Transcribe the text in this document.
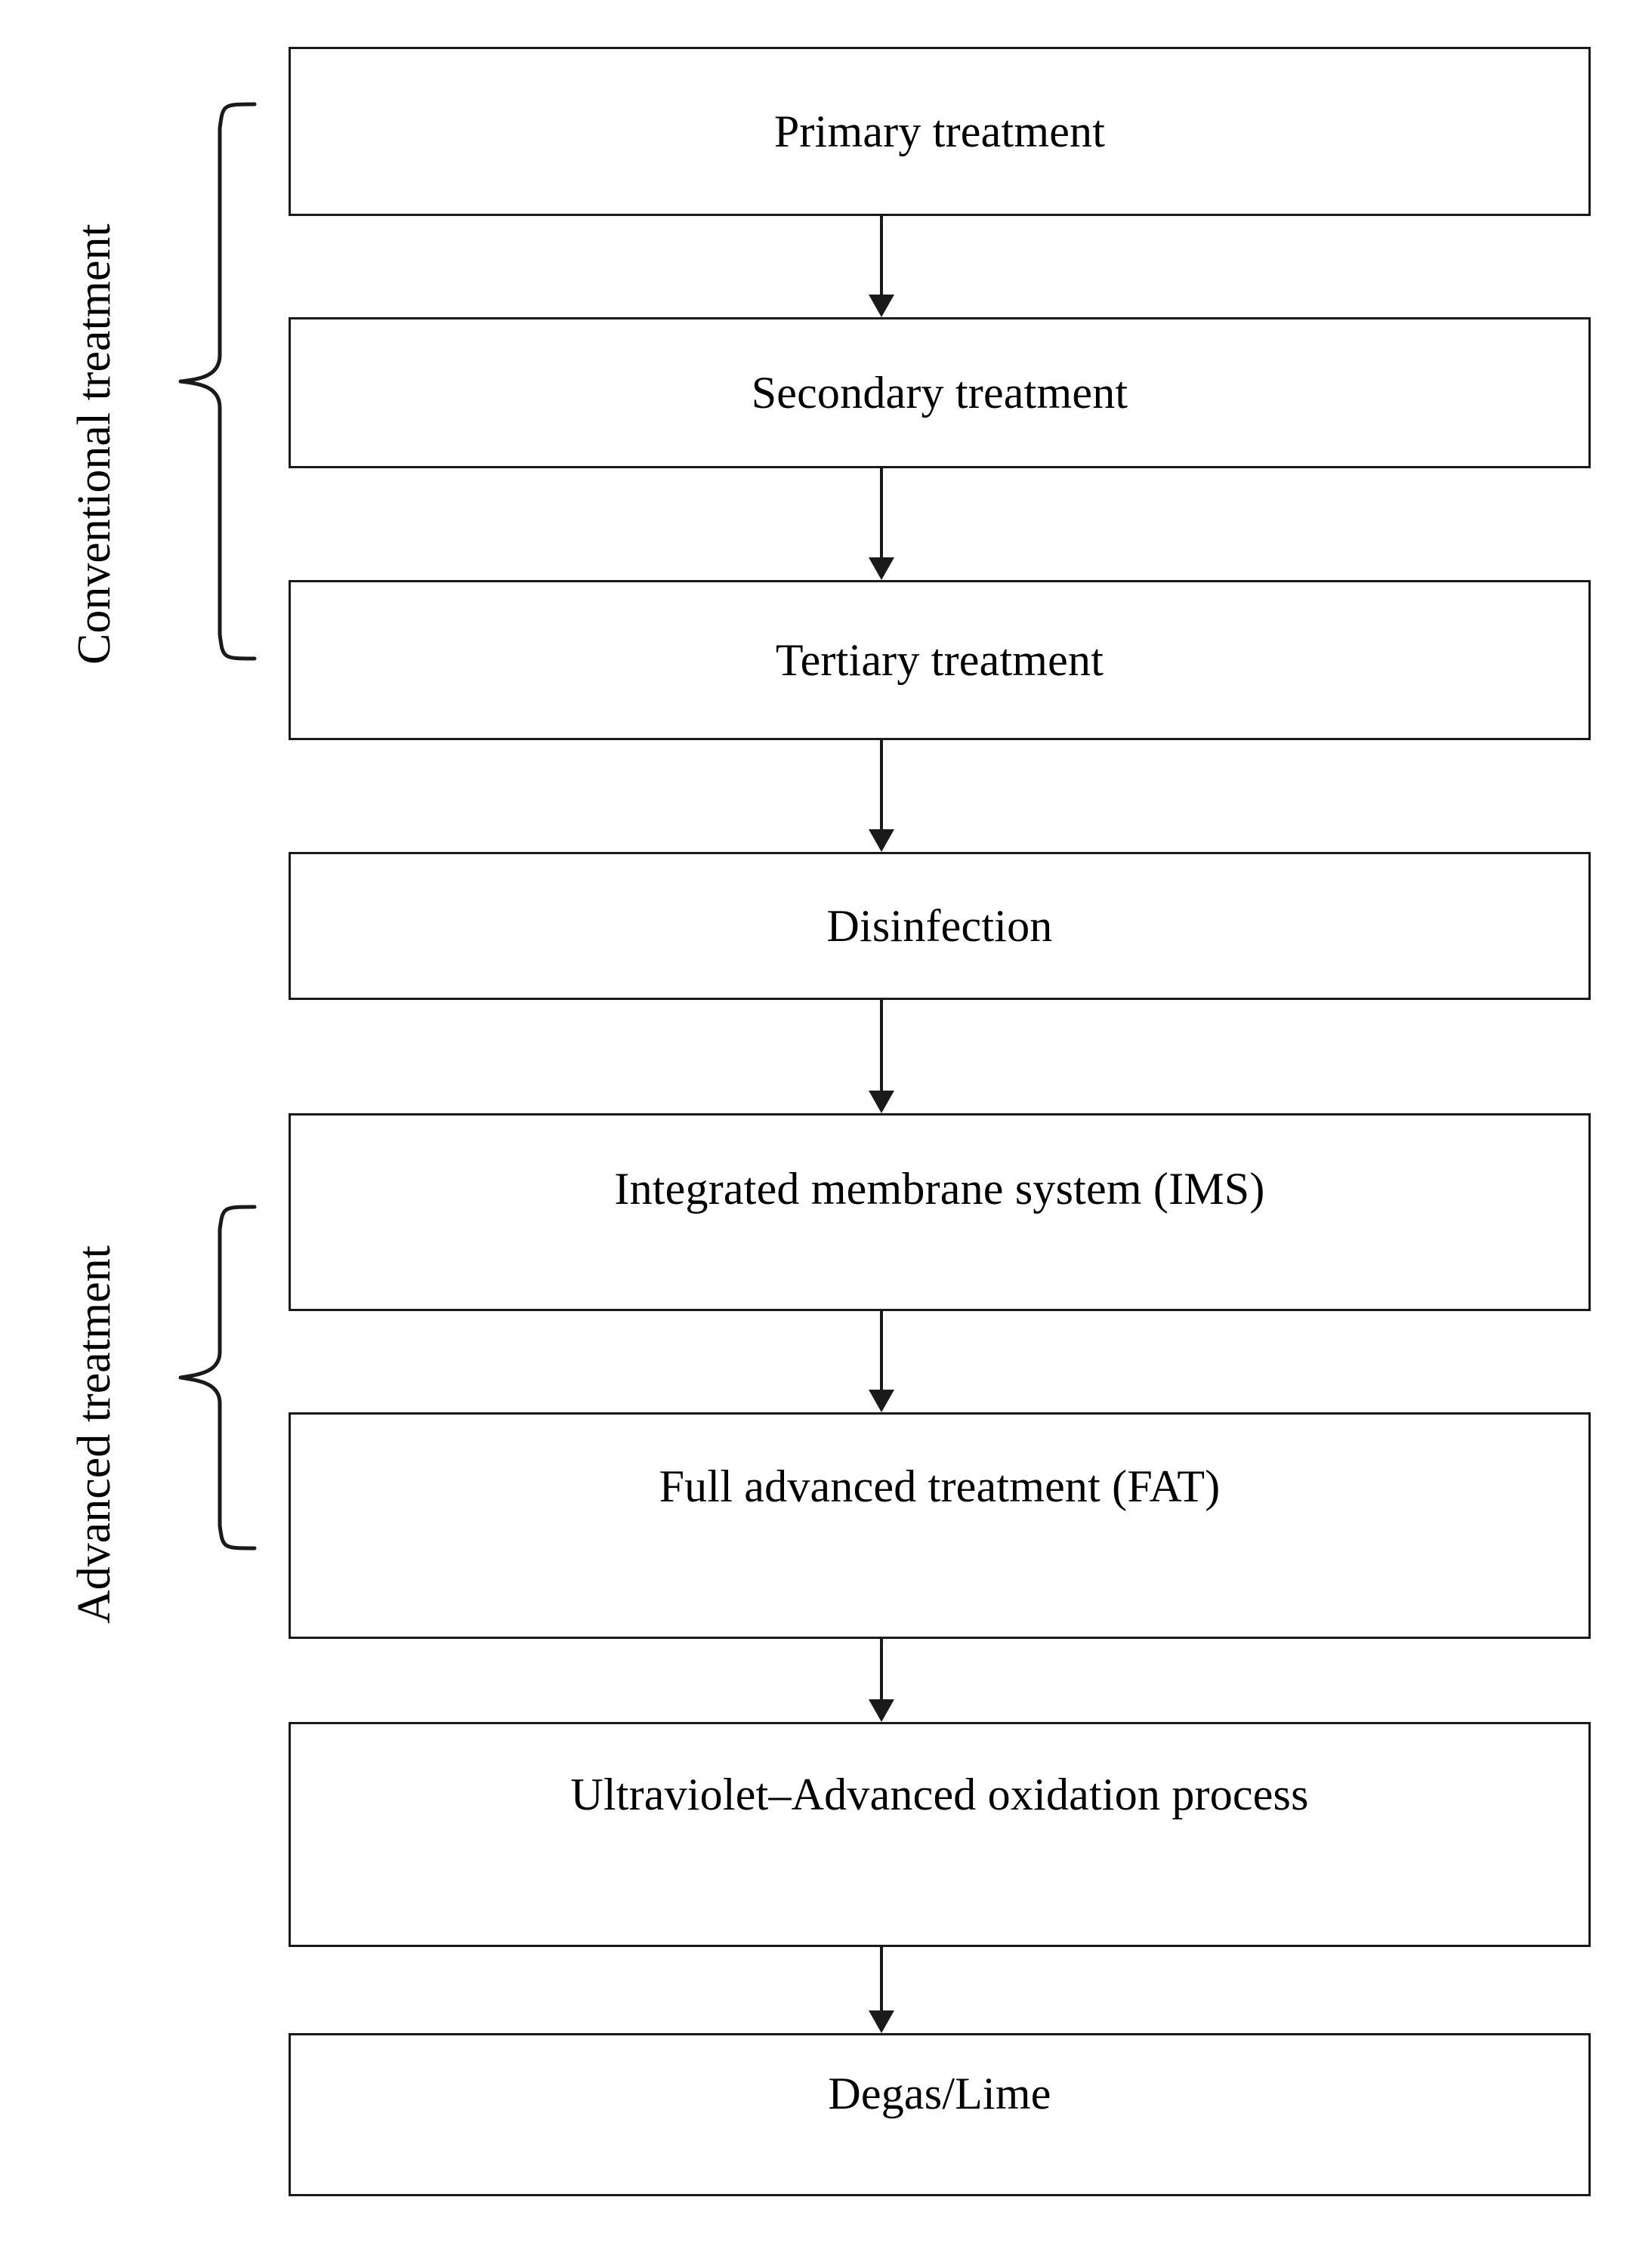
Conventional treatment
Advanced treatment
Primary treatment
Secondary treatment
Tertiary treatment
Disinfection
Integrated membrane system (IMS)
Full advanced treatment (FAT)
Ultraviolet–Advanced oxidation process
Degas/Lime
